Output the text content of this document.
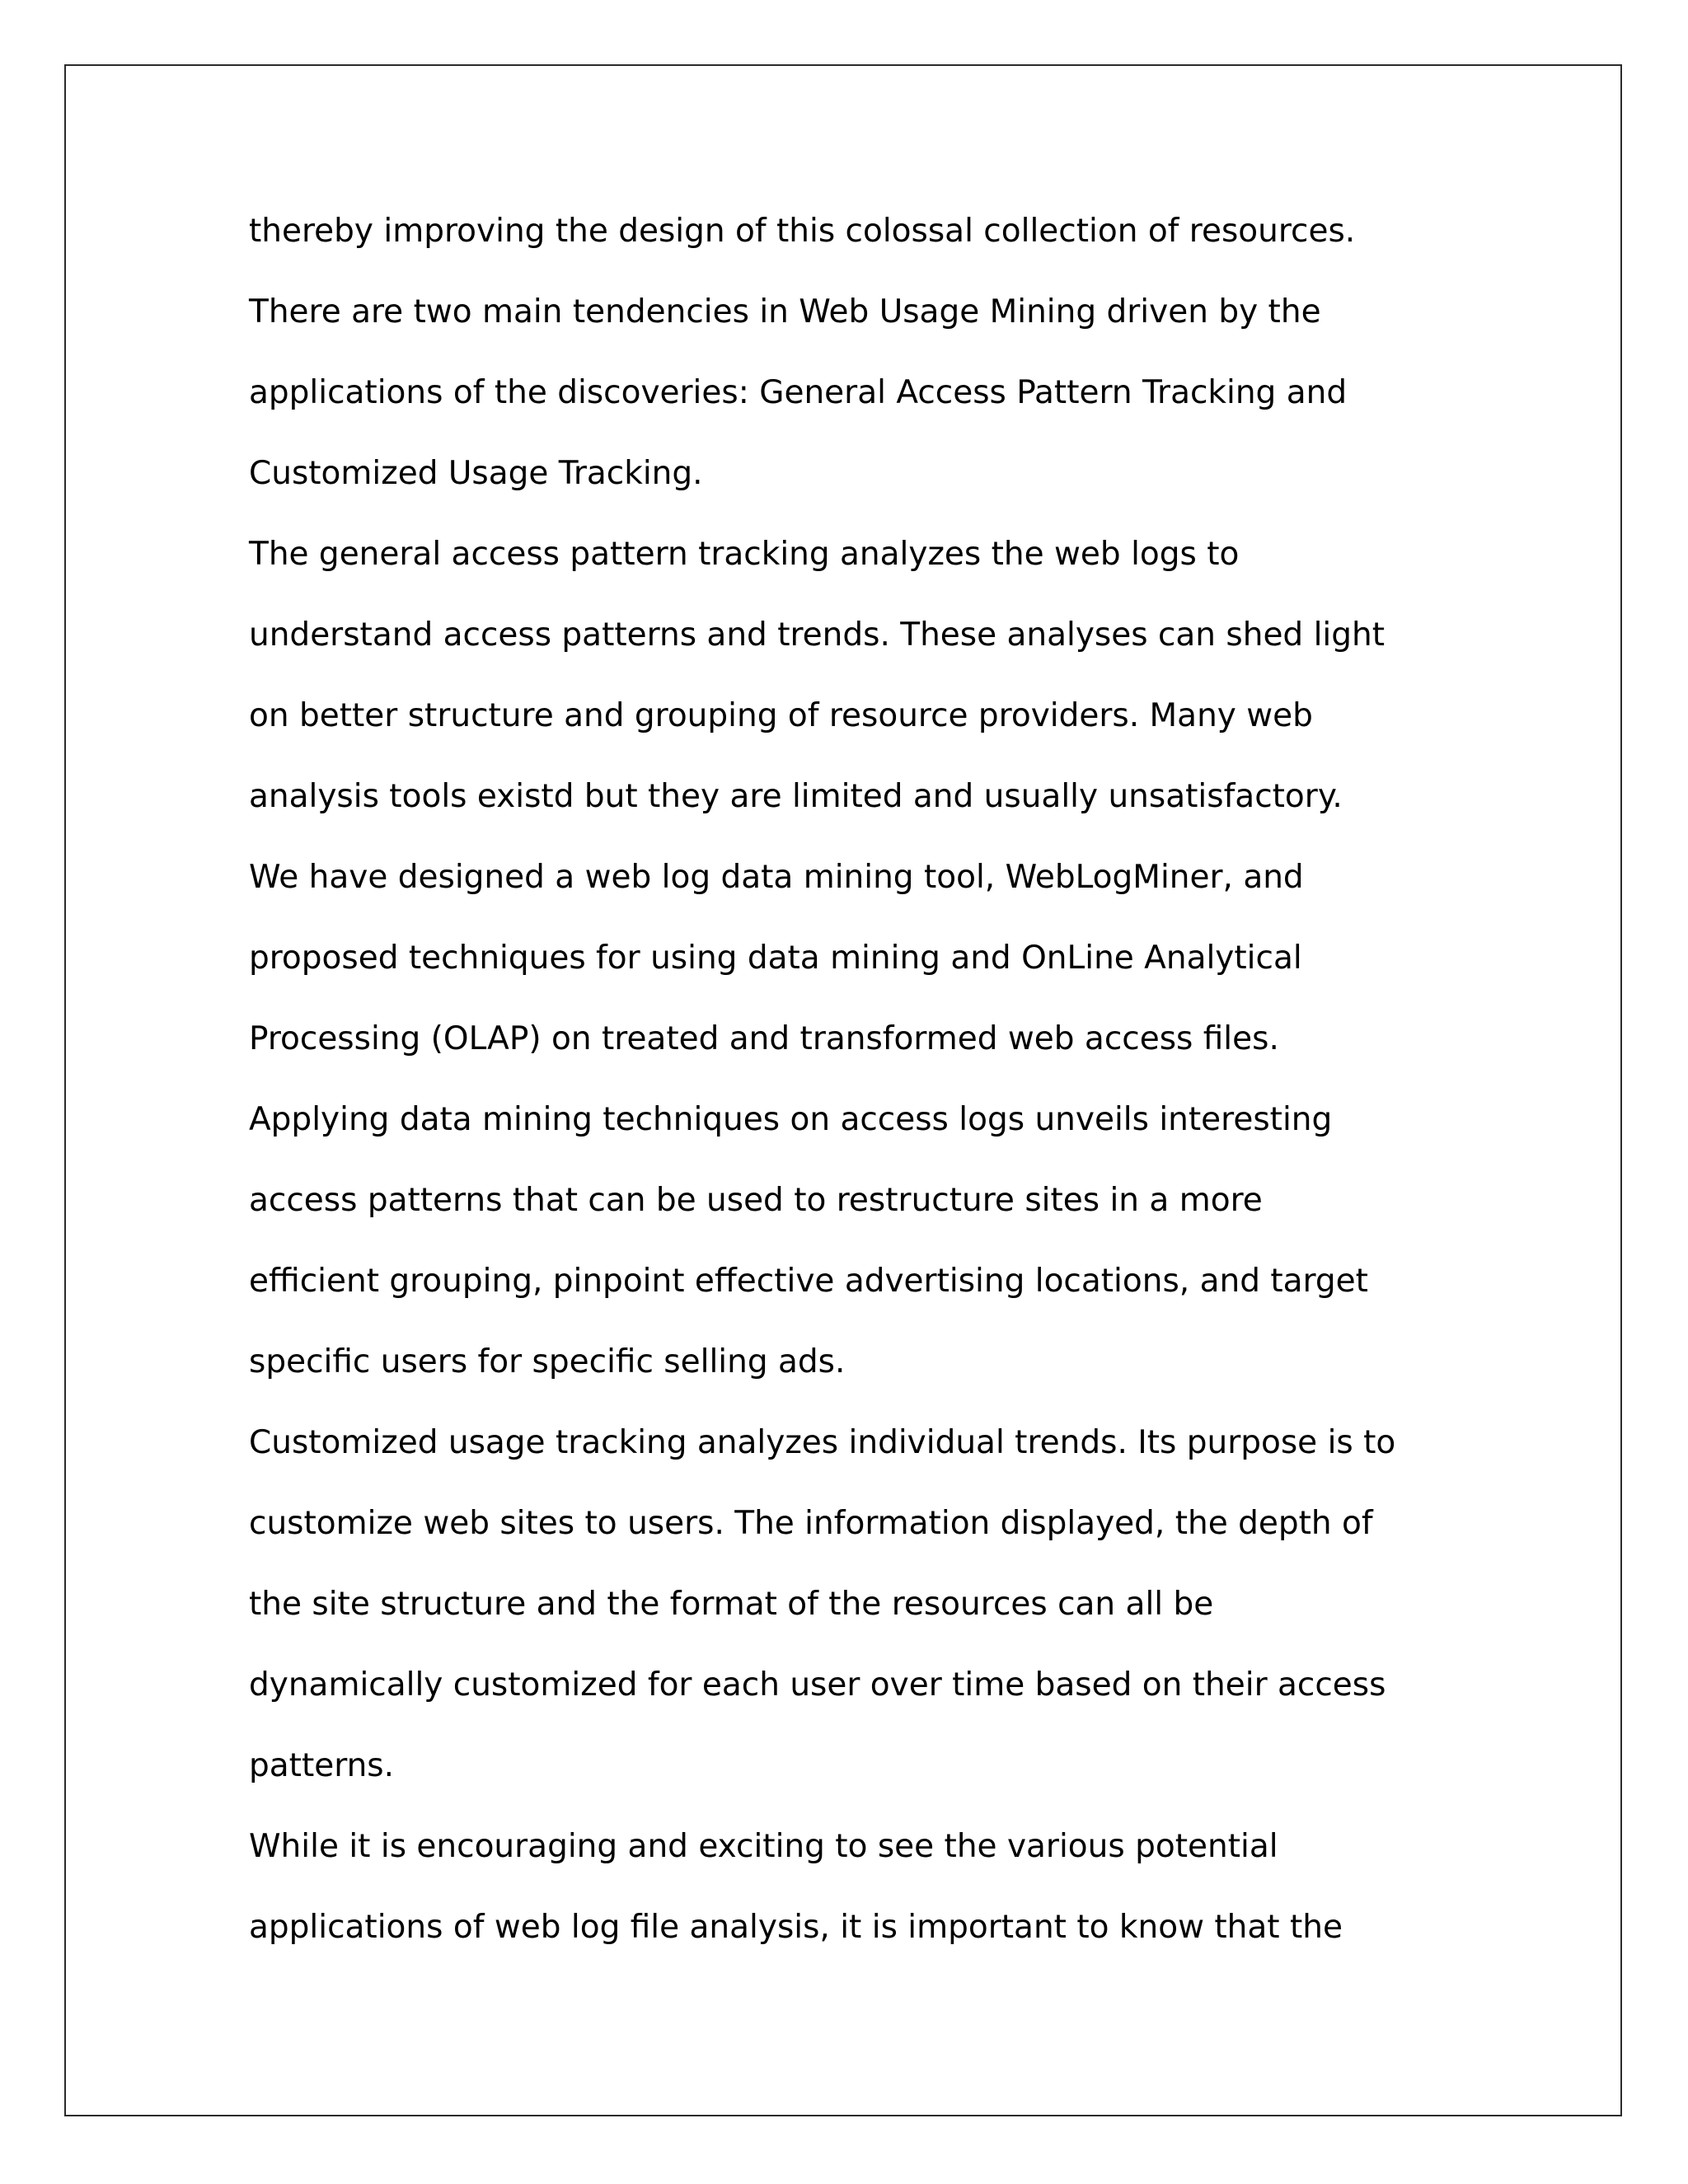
thereby improving the design of this colossal collection of resources.
There are two main tendencies in Web Usage Mining driven by the
applications of the discoveries: General Access Pattern Tracking and
Customized Usage Tracking.
The general access pattern tracking analyzes the web logs to
understand access patterns and trends. These analyses can shed light
on better structure and grouping of resource providers. Many web
analysis tools existd but they are limited and usually unsatisfactory.
We have designed a web log data mining tool, WebLogMiner, and
proposed techniques for using data mining and OnLine Analytical
Processing (OLAP) on treated and transformed web access files.
Applying data mining techniques on access logs unveils interesting
access patterns that can be used to restructure sites in a more
efficient grouping, pinpoint effective advertising locations, and target
specific users for specific selling ads.
Customized usage tracking analyzes individual trends. Its purpose is to
customize web sites to users. The information displayed, the depth of
the site structure and the format of the resources can all be
dynamically customized for each user over time based on their access
patterns.
While it is encouraging and exciting to see the various potential
applications of web log file analysis, it is important to know that the
